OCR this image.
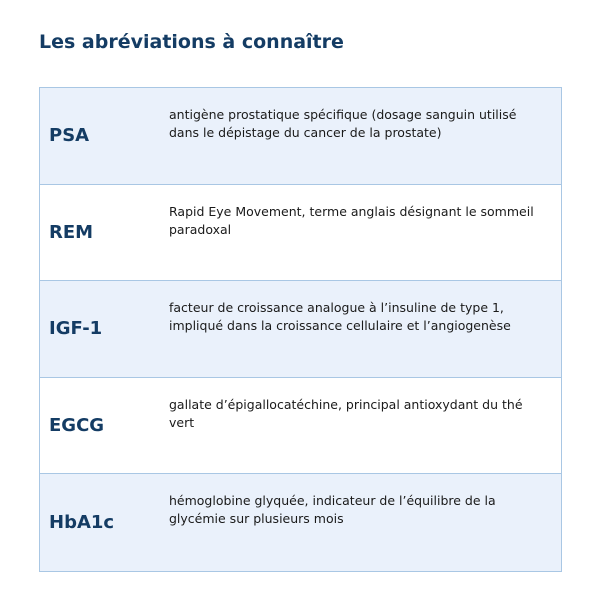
Les abréviations à connaître
PSA
antigène prostatique spécifique (dosage sanguin utilisé dans le dépistage du cancer de la prostate)
REM
Rapid Eye Movement, terme anglais désignant le sommeil paradoxal
IGF-1
facteur de croissance analogue à l’insuline de type 1, impliqué dans la croissance cellulaire et l’angiogenèse
EGCG
gallate d’épigallocatéchine, principal antioxydant du thé vert
HbA1c
hémoglobine glyquée, indicateur de l’équilibre de la glycémie sur plusieurs mois
